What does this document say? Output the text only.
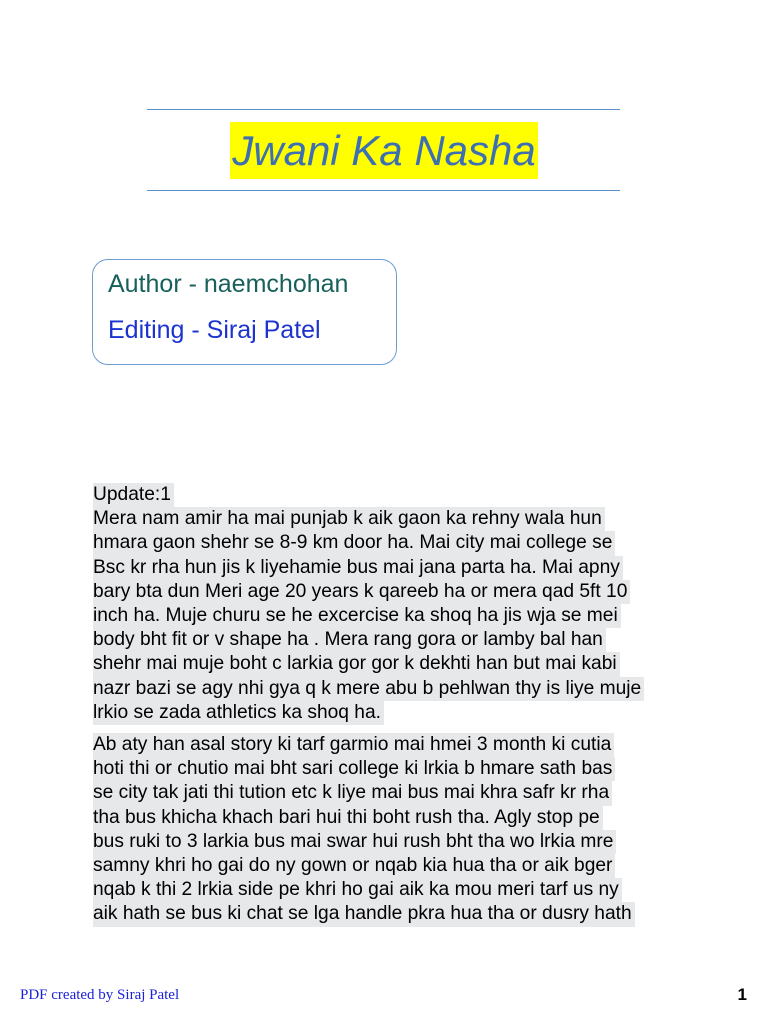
Jwani Ka Nasha
Author - naemchohan
Editing - Siraj Patel
Update:1
Mera nam amir ha mai punjab k aik gaon ka rehny wala hun
hmara gaon shehr se 8-9 km door ha. Mai city mai college se
Bsc kr rha hun jis k liyehamie bus mai jana parta ha. Mai apny
bary bta dun Meri age 20 years k qareeb ha or mera qad 5ft 10
inch ha. Muje churu se he excercise ka shoq ha jis wja se mei
body bht fit or v shape ha . Mera rang gora or lamby bal han
shehr mai muje boht c larkia gor gor k dekhti han but mai kabi
nazr bazi se agy nhi gya q k mere abu b pehlwan thy is liye muje
lrkio se zada athletics ka shoq ha.
Ab aty han asal story ki tarf garmio mai hmei 3 month ki cutia
hoti thi or chutio mai bht sari college ki lrkia b hmare sath bas
se city tak jati thi tution etc k liye mai bus mai khra safr kr rha
tha bus khicha khach bari hui thi boht rush tha. Agly stop pe
bus ruki to 3 larkia bus mai swar hui rush bht tha wo lrkia mre
samny khri ho gai do ny gown or nqab kia hua tha or aik bger
nqab k thi 2 lrkia side pe khri ho gai aik ka mou meri tarf us ny
aik hath se bus ki chat se lga handle pkra hua tha or dusry hath
PDF created by Siraj Patel	1
